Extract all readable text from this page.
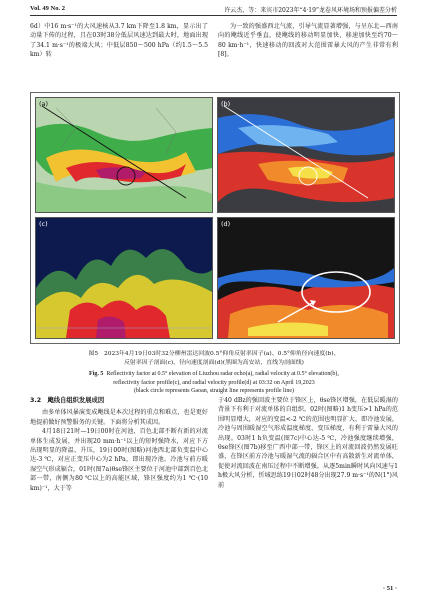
Vol. 49 No. 2	许云杰，等：来宾市2023年“4·19”龙卷风环境场和预报偏差分析

6d）中16 m·s⁻¹的大风速核从3.7 km下降至1.8 km，显示出了动量下传的过程，且在03时38分低层风速达到最大时，地面出现了34.1 m·s⁻¹的极端大风；中低层850～500 hPa（约1.5～5.5 km）转

为一致的强盛西北气流，引导气流显著增强，与呈东北—西南向的飑线近乎垂直，使飑线的移动明显加快，移速加快至约70～80 km·h⁻¹，快速移动的回波对大范围雷暴大风的产生非常有利[8]。

(a)	(b)
(c)	(d)
图5　2023年4月19日03时32分柳州雷达回波0.5°仰角反射率因子(a)、0.5°仰角径向速度(b)、
反射率因子剖面(c)、径向速度剖面(d)(黑圈为高安站，直线为剖面线)
Fig. 5 Reflectivity factor at 0.5° elevation of Liuzhou radar echo(a), radial velocity at 0.5° elevation(b),
reflectivity factor profile(c), and radial velocity profile(d) at 03:32 on April 19,2023
(black circle represents Gaoan, straight line represents profile line)

3.2　飑线自组织发展成因

由多单体风暴演变成飑线是本次过程的重点和难点，也是更好地提前做好预警服务的关键。下面将分析其成因。

4月18日21时—19日00时在河池、百色北部不断有新的对流单体生成发展，并出现20 mm·h⁻¹以上的短时强降水，对应下方出现明显的降温、升压，19日00时(图略)河池西北部负变温中心达-3 ℃，对应正变压中心为2 hPa，即出现冷池。冷池与前方暖湿空气形成辐合，01时(图7a)θse锋区主要位于河池中部到百色北部一带，南侧为80 ℃以上的高能区域，锋区强度约为1 ℃·(10 km)⁻¹，大于等

于40 dBz的强回波主要位于锋区上，θse锋区增强，在低层暖湿的背景下有利于对流单体的自组织。02时(图略)1 h变压>1 hPa的范围明显增大，对应的变温<-2 ℃的范围也明显扩大，即冷池发展，冷池与周围暖湿空气形成温度梯度、变压梯度，有利于雷暴大风的出现。03时1 h负变温(图7c)中心达-5 ℃，冷池强度继续增强，θse锋区(图7b)移至广西中部一带，锋区上的对流回波仍然发展旺盛，在锋区前方冷池与暖湿气流的辐合区中有高散新生对流单体，促使对流回波在南压过程中不断增强。从逐5min瞬时风向风速与1 h极大风分析，忻城思练19日02时48分出现27.9 m·s⁻¹的N(1°)风前

· 51 ·
